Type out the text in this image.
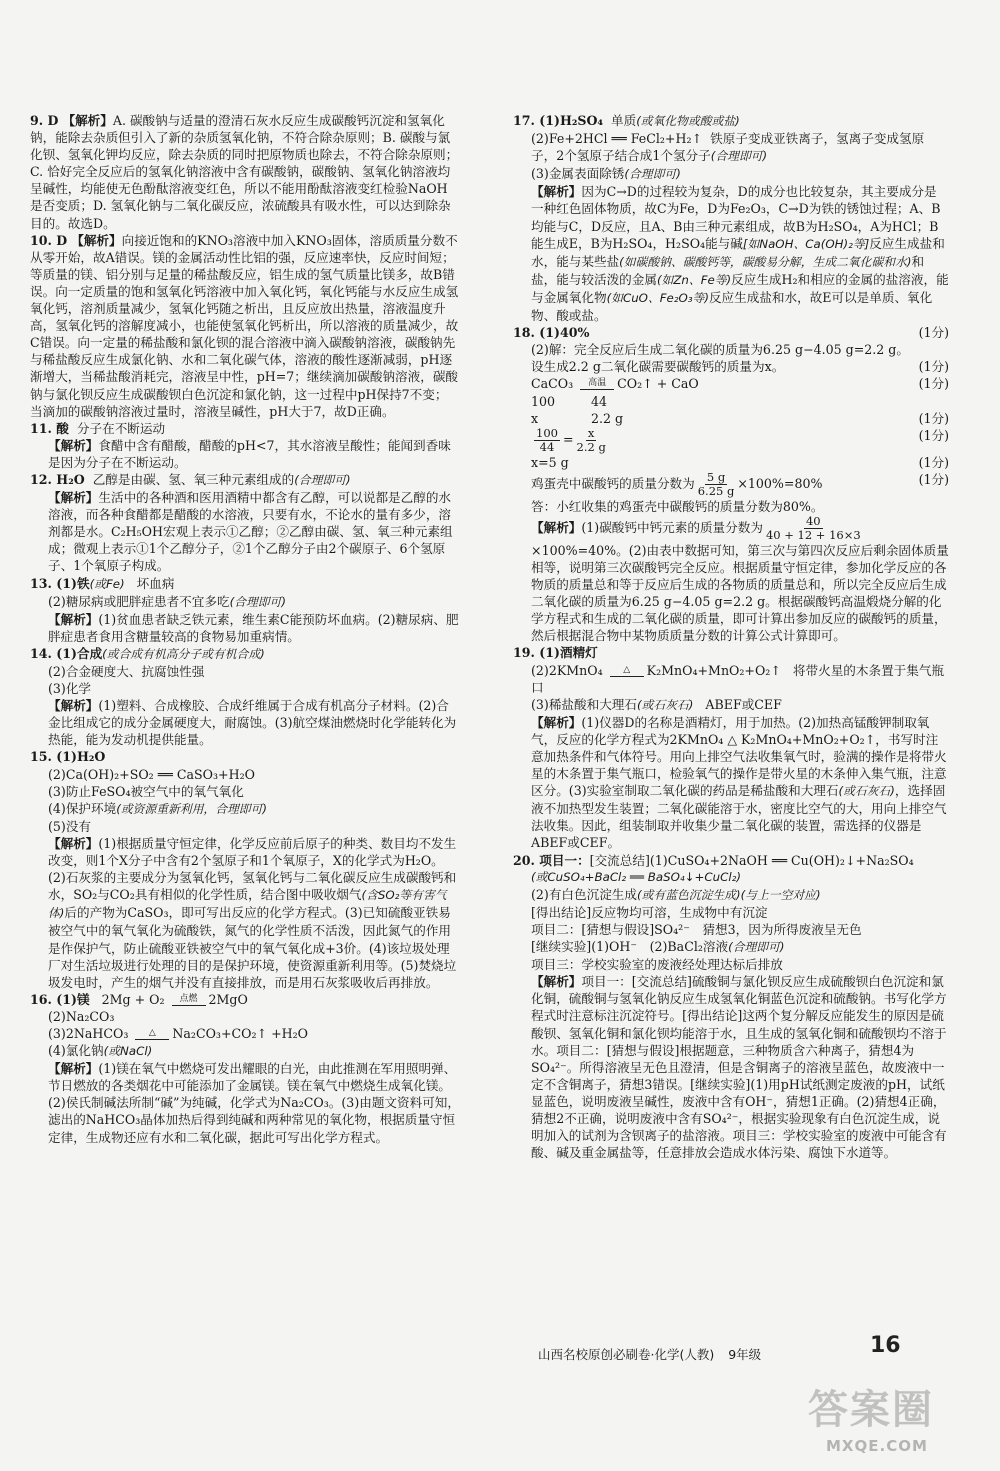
9. D 【解析】A. 碳酸钠与适量的澄清石灰水反应生成碳酸钙沉淀和氢氧化钠，能除去杂质但引入了新的杂质氢氧化钠，不符合除杂原则；B. 碳酸与氯化钡、氢氧化钾均反应，除去杂质的同时把原物质也除去，不符合除杂原则；C. 恰好完全反应后的氢氧化钠溶液中含有碳酸钠，碳酸钠、氢氧化钠溶液均呈碱性，均能使无色酚酞溶液变红色，所以不能用酚酞溶液变红检验NaOH是否变质；D. 氢氧化钠与二氧化碳反应，浓硫酸具有吸水性，可以达到除杂目的。故选D。

10. D 【解析】向接近饱和的KNO₃溶液中加入KNO₃固体，溶质质量分数不从零开始，故A错误。镁的金属活动性比铝的强，反应速率快，反应时间短；等质量的镁、铝分别与足量的稀盐酸反应，铝生成的氢气质量比镁多，故B错误。向一定质量的饱和氢氧化钙溶液中加入氧化钙，氧化钙能与水反应生成氢氧化钙，溶剂质量减少，氢氧化钙随之析出，且反应放出热量，溶液温度升高，氢氧化钙的溶解度减小，也能使氢氧化钙析出，所以溶液的质量减少，故C错误。向一定量的稀盐酸和氯化钡的混合溶液中滴入碳酸钠溶液，碳酸钠先与稀盐酸反应生成氯化钠、水和二氧化碳气体，溶液的酸性逐渐减弱，pH逐渐增大，当稀盐酸消耗完，溶液呈中性，pH=7；继续滴加碳酸钠溶液，碳酸钠与氯化钡反应生成碳酸钡白色沉淀和氯化钠，这一过程中pH保持7不变；当滴加的碳酸钠溶液过量时，溶液呈碱性，pH大于7，故D正确。

11. 酸 分子在不断运动

【解析】食醋中含有醋酸，醋酸的pH<7，其水溶液呈酸性；能闻到香味是因为分子在不断运动。

12. H₂O 乙醇是由碳、氢、氧三种元素组成的(合理即可)

【解析】生活中的各种酒和医用酒精中都含有乙醇，可以说都是乙醇的水溶液，而各种食醋都是醋酸的水溶液，只要有水，不论水的量有多少，溶剂都是水。C₂H₅OH宏观上表示①乙醇；②乙醇由碳、氢、氧三种元素组成；微观上表示①1个乙醇分子，②1个乙醇分子由2个碳原子、6个氢原子、1个氧原子构成。

13. (1)铁(或Fe) 坏血病

(2)糖尿病或肥胖症患者不宜多吃(合理即可)

【解析】(1)贫血患者缺乏铁元素，维生素C能预防坏血病。(2)糖尿病、肥胖症患者食用含糖量较高的食物易加重病情。

14. (1)合成(或合成有机高分子或有机合成)

(2)合金硬度大、抗腐蚀性强

(3)化学

【解析】(1)塑料、合成橡胶、合成纤维属于合成有机高分子材料。(2)合金比组成它的成分金属硬度大，耐腐蚀。(3)航空煤油燃烧时化学能转化为热能，能为发动机提供能量。

15. (1)H₂O

(2)Ca(OH)₂+SO₂ ══ CaSO₃+H₂O

(3)防止FeSO₄被空气中的氧气氧化

(4)保护环境(或资源重新利用，合理即可)

(5)没有

【解析】(1)根据质量守恒定律，化学反应前后原子的种类、数目均不发生改变，则1个X分子中含有2个氢原子和1个氧原子，X的化学式为H₂O。(2)石灰浆的主要成分为氢氧化钙，氢氧化钙与二氧化碳反应生成碳酸钙和水，SO₂与CO₂具有相似的化学性质，结合图中吸收烟气(含SO₂等有害气体)后的产物为CaSO₃，即可写出反应的化学方程式。(3)已知硫酸亚铁易被空气中的氧气氧化为硫酸铁，氮气的化学性质不活泼，因此氮气的作用是作保护气，防止硫酸亚铁被空气中的氧气氧化成+3价。(4)该垃圾处理厂对生活垃圾进行处理的目的是保护环境，使资源重新利用等。(5)焚烧垃圾发电时，产生的烟气并没有直接排放，而是用石灰浆吸收后再排放。

16. (1)镁 2Mg + O₂ 点燃 2MgO

(2)Na₂CO₃

(3)2NaHCO₃ △ Na₂CO₃+CO₂↑ +H₂O

(4)氯化钠(或NaCl)

【解析】(1)镁在氧气中燃烧可发出耀眼的白光，由此推测在军用照明弹、节日燃放的各类烟花中可能添加了金属镁。镁在氧气中燃烧生成氧化镁。(2)侯氏制碱法所制“碱”为纯碱，化学式为Na₂CO₃。(3)由题文资料可知，滤出的NaHCO₃晶体加热后得到纯碱和两种常见的氧化物，根据质量守恒定律，生成物还应有水和二氧化碳，据此可写出化学方程式。

17. (1)H₂SO₄ 单质(或氧化物或酸或盐)

(2)Fe+2HCl ══ FeCl₂+H₂↑ 铁原子变成亚铁离子，氢离子变成氢原子，2个氢原子结合成1个氢分子(合理即可)

(3)金属表面除锈(合理即可)

【解析】因为C→D的过程较为复杂，D的成分也比较复杂，其主要成分是一种红色固体物质，故C为Fe，D为Fe₂O₃，C→D为铁的锈蚀过程；A、B均能与C，D反应，且A、B由三种元素组成，故B为H₂SO₄，A为HCl；B能生成E，B为H₂SO₄，H₂SO₄能与碱[如NaOH、Ca(OH)₂等]反应生成盐和水，能与某些盐(如碳酸钠、碳酸钙等，碳酸易分解，生成二氧化碳和水)和盐，能与较活泼的金属(如Zn、Fe等)反应生成H₂和相应的金属的盐溶液，能与金属氧化物(如CuO、Fe₂O₃等)反应生成盐和水，故E可以是单质、氧化物、酸或盐。

18. (1)40%	(1分)

(2)解：完全反应后生成二氧化碳的质量为6.25 g−4.05 g=2.2 g。

设生成2.2 g二氧化碳需要碳酸钙的质量为x。	(1分)

CaCO₃ 高温 CO₂↑ + CaO	(1分)
100	44
x	2.2 g	(1分)
$\frac{100}{44} = \frac{x}{2.2 g}$	(1分)
x=5 g	(1分)
鸡蛋壳中碳酸钙的质量分数为 $\frac{5 g}{6.25 g} \times 100\%=80\%$	(1分)
答：小红收集的鸡蛋壳中碳酸钙的质量分数为80%。

【解析】(1)碳酸钙中钙元素的质量分数为 $\frac{40}{40 + 12 + 16\times 3}$
×100%=40%。(2)由表中数据可知，第三次与第四次反应后剩余固体质量相等，说明第三次碳酸钙完全反应。根据质量守恒定律，参加化学反应的各物质的质量总和等于反应后生成的各物质的质量总和，所以完全反应后生成二氧化碳的质量为6.25 g−4.05 g=2.2 g。根据碳酸钙高温煅烧分解的化学方程式和生成的二氧化碳的质量，即可计算出参加反应的碳酸钙的质量，然后根据混合物中某物质质量分数的计算公式计算即可。

19. (1)酒精灯

(2)2KMnO₄ △ K₂MnO₄+MnO₂+O₂↑ 将带火星的木条置于集气瓶口

(3)稀盐酸和大理石(或石灰石) ABEF或CEF

【解析】(1)仪器D的名称是酒精灯，用于加热。(2)加热高锰酸钾制取氧气，反应的化学方程式为2KMnO₄ △ K₂MnO₄+MnO₂+O₂↑，书写时注意加热条件和气体符号。用向上排空气法收集氧气时，验满的操作是将带火星的木条置于集气瓶口，检验氧气的操作是带火星的木条伸入集气瓶，注意区分。(3)实验室制取二氧化碳的药品是稀盐酸和大理石(或石灰石)，选择固液不加热型发生装置；二氧化碳能溶于水，密度比空气的大，用向上排空气法收集。因此，组装制取并收集少量二氧化碳的装置，需选择的仪器是ABEF或CEF。

20. 项目一：[交流总结](1)CuSO₄+2NaOH ══ Cu(OH)₂↓+Na₂SO₄

(或CuSO₄+BaCl₂ ══ BaSO₄↓+CuCl₂)

(2)有白色沉淀生成(或有蓝色沉淀生成)(与上一空对应)

[得出结论]反应物均可溶，生成物中有沉淀

项目二：[猜想与假设]SO₄²⁻　猜想3，因为所得废液呈无色

[继续实验](1)OH⁻　(2)BaCl₂溶液(合理即可)

项目三：学校实验室的废液经处理达标后排放

【解析】项目一：[交流总结]硫酸铜与氯化钡反应生成硫酸钡白色沉淀和氯化铜，硫酸铜与氢氧化钠反应生成氢氧化铜蓝色沉淀和硫酸钠。书写化学方程式时注意标注沉淀符号。[得出结论]这两个复分解反应能发生的原因是硫酸钡、氢氧化铜和氯化钡均能溶于水，且生成的氢氧化铜和硫酸钡均不溶于水。项目二：[猜想与假设]根据题意，三种物质含六种离子，猜想4为SO₄²⁻。所得溶液呈无色且澄清，但是含铜离子的溶液呈蓝色，故废液中一定不含铜离子，猜想3错误。[继续实验](1)用pH试纸测定废液的pH，试纸显蓝色，说明废液呈碱性，废液中含有OH⁻，猜想1正确。(2)猜想4正确，猜想2不正确，说明废液中含有SO₄²⁻，根据实验现象有白色沉淀生成，说明加入的试剂为含钡离子的盐溶液。项目三：学校实验室的废液中可能含有酸、碱及重金属盐等，任意排放会造成水体污染、腐蚀下水道等。

山西名校原创必刷卷·化学(人教) 9年级	16
答案圈
MXQE.COM
